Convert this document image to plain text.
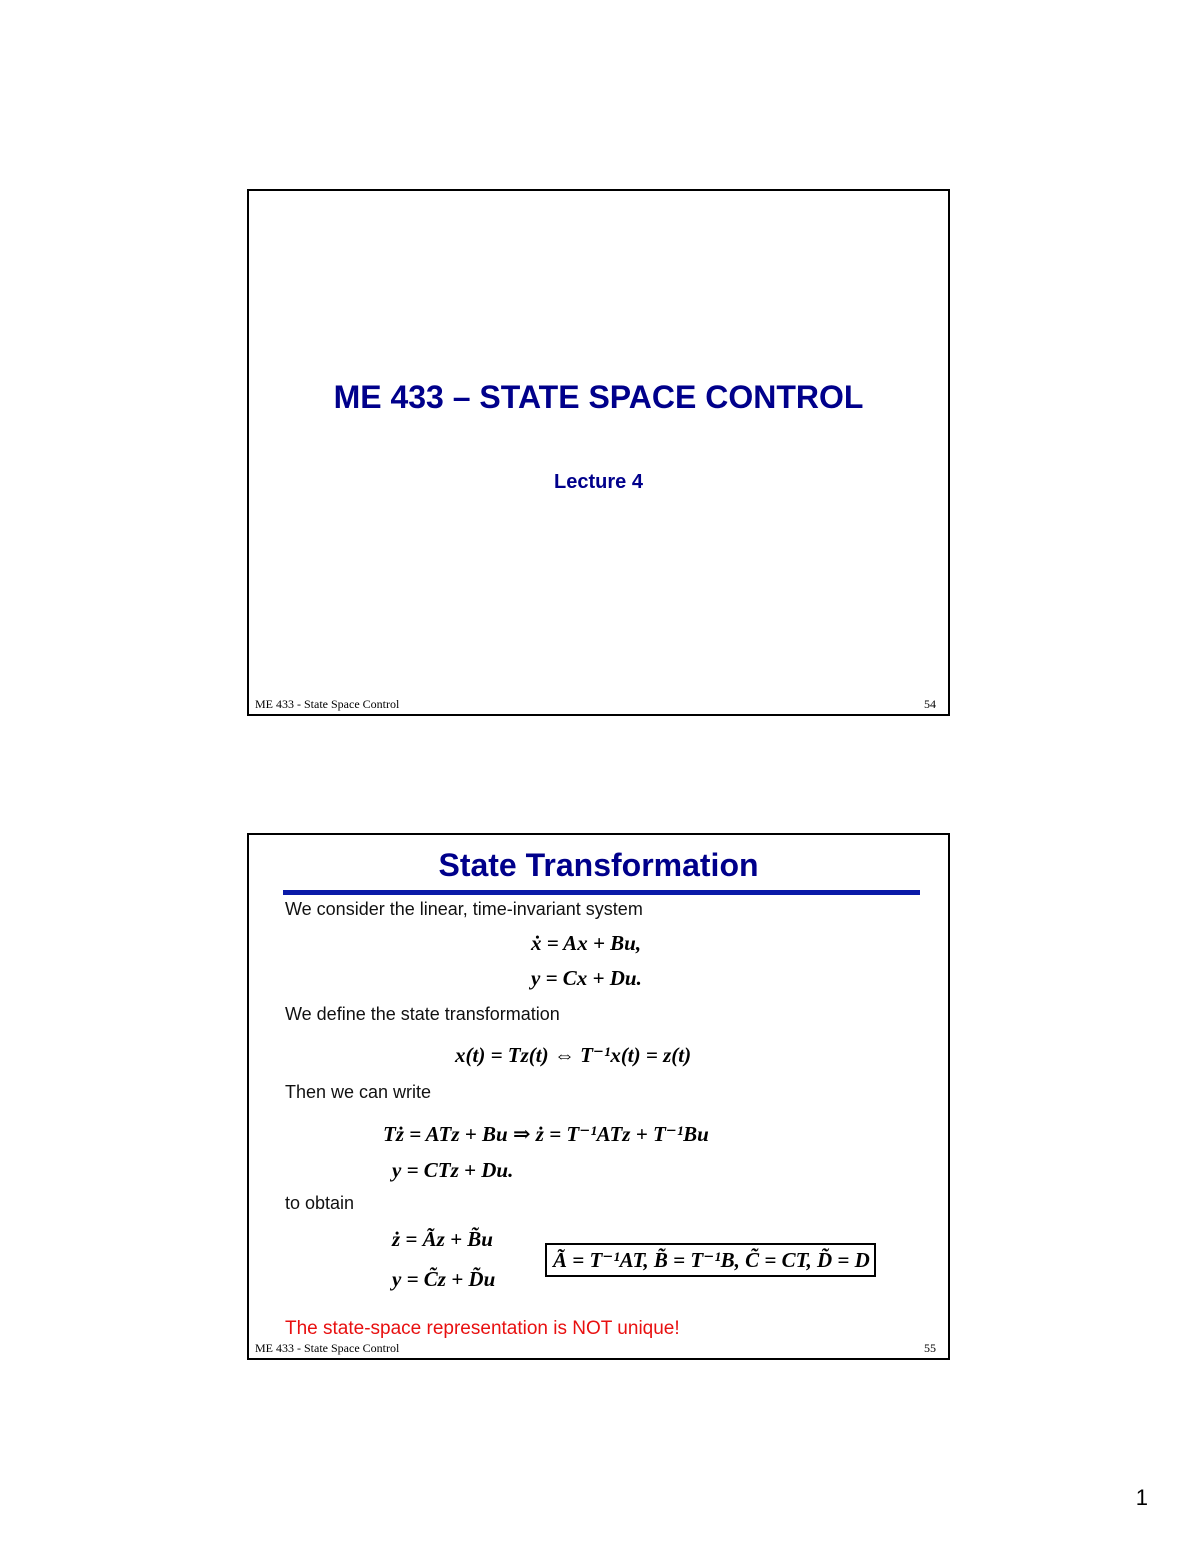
ME 433 – STATE SPACE CONTROL
Lecture 4
ME 433 - State Space Control	54
State Transformation
We consider the linear, time-invariant system
ẋ = Ax + Bu,
y = Cx + Du.
We define the state transformation
x(t) = Tz(t) ⇔ T⁻¹x(t) = z(t)
Then we can write
Tż = ATz + Bu ⇒ ż = T⁻¹ATz + T⁻¹Bu
y = CTz + Du.
to obtain
ż = Ãz + B̃u
y = C̃z + D̃u
Ã = T⁻¹AT, B̃ = T⁻¹B, C̃ = CT, D̃ = D
The state-space representation is NOT unique!
ME 433 - State Space Control	55
1
